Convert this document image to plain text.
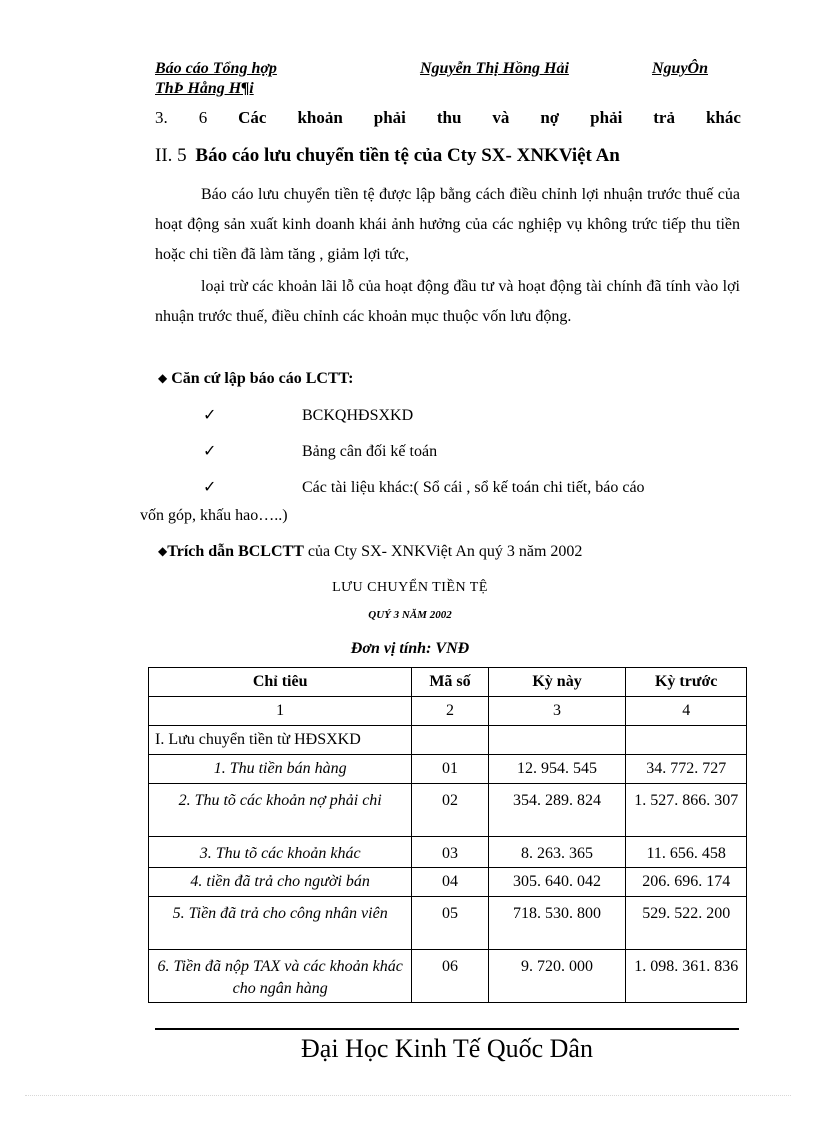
Báo cáo Tổng hợp	Nguyễn Thị Hồng Hải	NguyÔn
ThÞ Hång H¶i
3. 6 Các khoản phải thu và nợ phải trả khác
II. 5 Báo cáo lưu chuyển tiền tệ của Cty SX- XNKViệt An
Báo cáo lưu chuyển tiền tệ được lập bằng cách điều chỉnh lợi nhuận trước thuế của hoạt động sản xuất kinh doanh khái ảnh hưởng của các nghiệp vụ không trức tiếp thu tiền hoặc chi tiền đã làm tăng , giảm lợi tức,
loại trừ các khoản lãi lỗ của hoạt động đầu tư và hoạt động tài chính đã tính vào lợi nhuận trước thuế, điều chỉnh các khoản mục thuộc vốn lưu động.
◆ Căn cứ lập báo cáo LCTT:
✓	BCKQHĐSXKD
✓	Bảng cân đối kế toán
✓	Các tài liệu khác:( Sổ cái , sổ kế toán chi tiết, báo cáo
vốn góp, khấu hao…..)
◆Trích dẫn BCLCTT của Cty SX- XNKViệt An quý 3 năm 2002
LƯU CHUYỂN TIỀN TỆ
QUÝ 3 NĂM 2002
Đơn vị tính: VNĐ
Chỉ tiêu	Mã số	Kỳ này	Kỳ trước
1	2	3	4
I. Lưu chuyển tiền từ HĐSXKD			
1. Thu tiền bán hàng	01	12. 954. 545	34. 772. 727
2. Thu tõ các khoản nợ phải chi	02	354. 289. 824	1. 527. 866. 307
3. Thu tõ các khoản khác	03	8. 263. 365	11. 656. 458
4. tiền đã trả cho người bán	04	305. 640. 042	206. 696. 174
5. Tiền đã trả cho công nhân viên	05	718. 530. 800	529. 522. 200
6. Tiền đã nộp TAX và các khoản khác cho ngân hàng	06	9. 720. 000	1. 098. 361. 836
Đại Học Kinh Tế Quốc Dân
